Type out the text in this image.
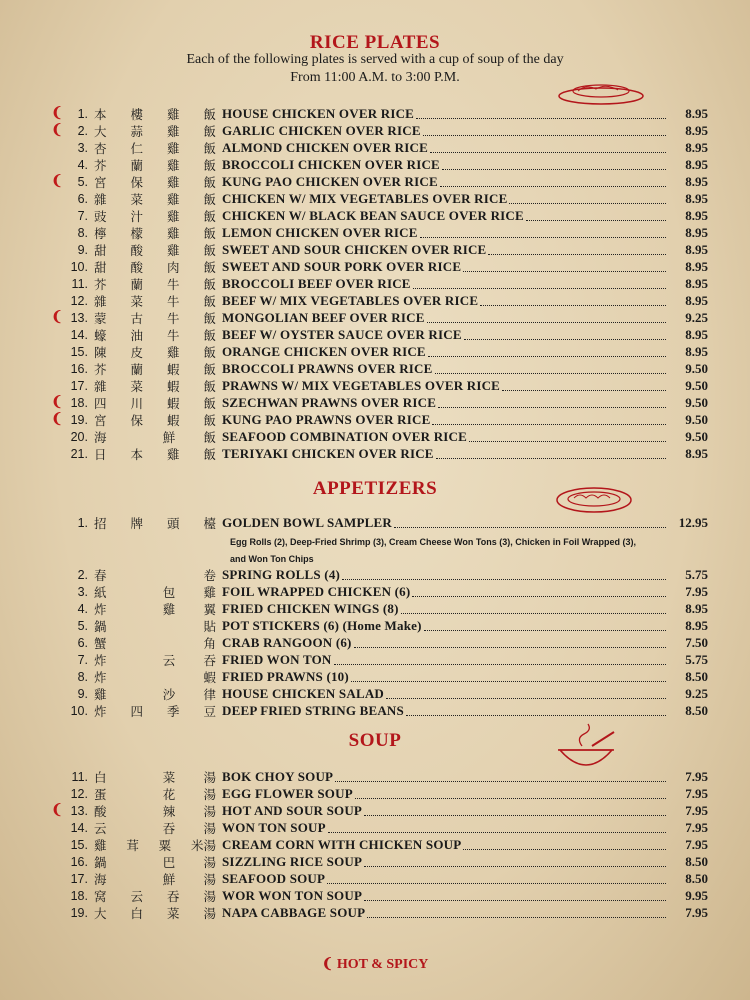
RICE PLATES
Each of the following plates is served with a cup of soup of the day
From 11:00 A.M. to 3:00 P.M.
❨	1. 本 樓 雞 飯 HOUSE CHICKEN OVER RICE	8.95
❨	2. 大 蒜 雞 飯 GARLIC CHICKEN OVER RICE	8.95
3. 杏 仁 雞 飯 ALMOND CHICKEN OVER RICE	8.95
4. 芥 蘭 雞 飯 BROCCOLI CHICKEN OVER RICE	8.95
❨	5. 宮 保 雞 飯 KUNG PAO CHICKEN OVER RICE	8.95
6. 雜 菜 雞 飯 CHICKEN W/ MIX VEGETABLES OVER RICE	8.95
7. 豉 汁 雞 飯 CHICKEN W/ BLACK BEAN SAUCE OVER RICE	8.95
8. 檸 檬 雞 飯 LEMON CHICKEN OVER RICE	8.95
9. 甜 酸 雞 飯 SWEET AND SOUR CHICKEN OVER RICE	8.95
10. 甜 酸 肉 飯 SWEET AND SOUR PORK OVER RICE	8.95
11. 芥 蘭 牛 飯 BROCCOLI BEEF OVER RICE	8.95
12. 雜 菜 牛 飯 BEEF W/ MIX VEGETABLES OVER RICE	8.95
❨ 13. 蒙 古 牛 飯 MONGOLIAN BEEF OVER RICE	9.25
14. 蠔 油 牛 飯 BEEF W/ OYSTER SAUCE OVER RICE	8.95
15. 陳 皮 雞 飯 ORANGE CHICKEN OVER RICE	8.95
16. 芥 蘭 蝦 飯 BROCCOLI PRAWNS OVER RICE	9.50
17. 雜 菜 蝦 飯 PRAWNS W/ MIX VEGETABLES OVER RICE	9.50
❨ 18. 四 川 蝦 飯 SZECHWAN PRAWNS OVER RICE	9.50
❨ 19. 宮 保 蝦 飯 KUNG PAO PRAWNS OVER RICE	9.50
20. 海	鮮 飯 SEAFOOD COMBINATION OVER RICE	9.50
21. 日 本 雞 飯 TERIYAKI CHICKEN OVER RICE	8.95
APPETIZERS
1. 招 牌 頭 檯 GOLDEN BOWL SAMPLER	12.95
2. 春	卷 SPRING ROLLS (4)	5.75
3. 紙	包 雞 FOIL WRAPPED CHICKEN (6)	7.95
4. 炸	雞 翼 FRIED CHICKEN WINGS (8)	8.95
5. 鍋	貼 POT STICKERS (6) (Home Make)	8.95
6. 蟹	角 CRAB RANGOON (6)	7.50
7. 炸	云 吞 FRIED WON TON	5.75
8. 炸	蝦 FRIED PRAWNS (10)	8.50
9. 雞	沙 律 HOUSE CHICKEN SALAD	9.25
10. 炸 四 季 豆 DEEP FRIED STRING BEANS	8.50
Egg Rolls (2), Deep-Fried Shrimp (3), Cream Cheese Won Tons (3), Chicken in Foil Wrapped (3),
and Won Ton Chips
SOUP
11. 白	菜 湯 BOK CHOY SOUP	7.95
12. 蛋	花 湯 EGG FLOWER SOUP	7.95
❨ 13. 酸	辣 湯 HOT AND SOUR SOUP	7.95
14. 云	吞 湯 WON TON SOUP	7.95
15. 雞 茸 粟 米湯 CREAM CORN WITH CHICKEN SOUP	7.95
16. 鍋	巴 湯 SIZZLING RICE SOUP	8.50
17. 海	鮮 湯 SEAFOOD SOUP	8.50
18. 窝 云 吞 湯 WOR WON TON SOUP	9.95
19. 大 白 菜 湯 NAPA CABBAGE SOUP	7.95
❨ HOT & SPICY
